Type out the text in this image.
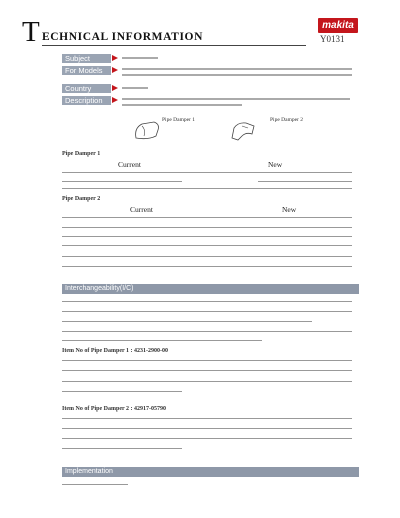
T ECHNICAL INFORMATION
makita
Y0131
Subject
For Models
Country
Description
Pipe Damper 1	Pipe Damper 2
Pipe Damper 1
Current	New
Pipe Damper 2
Current	New
Interchangeability(I/C)
Item No of Pipe Damper 1 : 4231-2900-00
Item No of Pipe Damper 2 : 42917-05790
Implementation
